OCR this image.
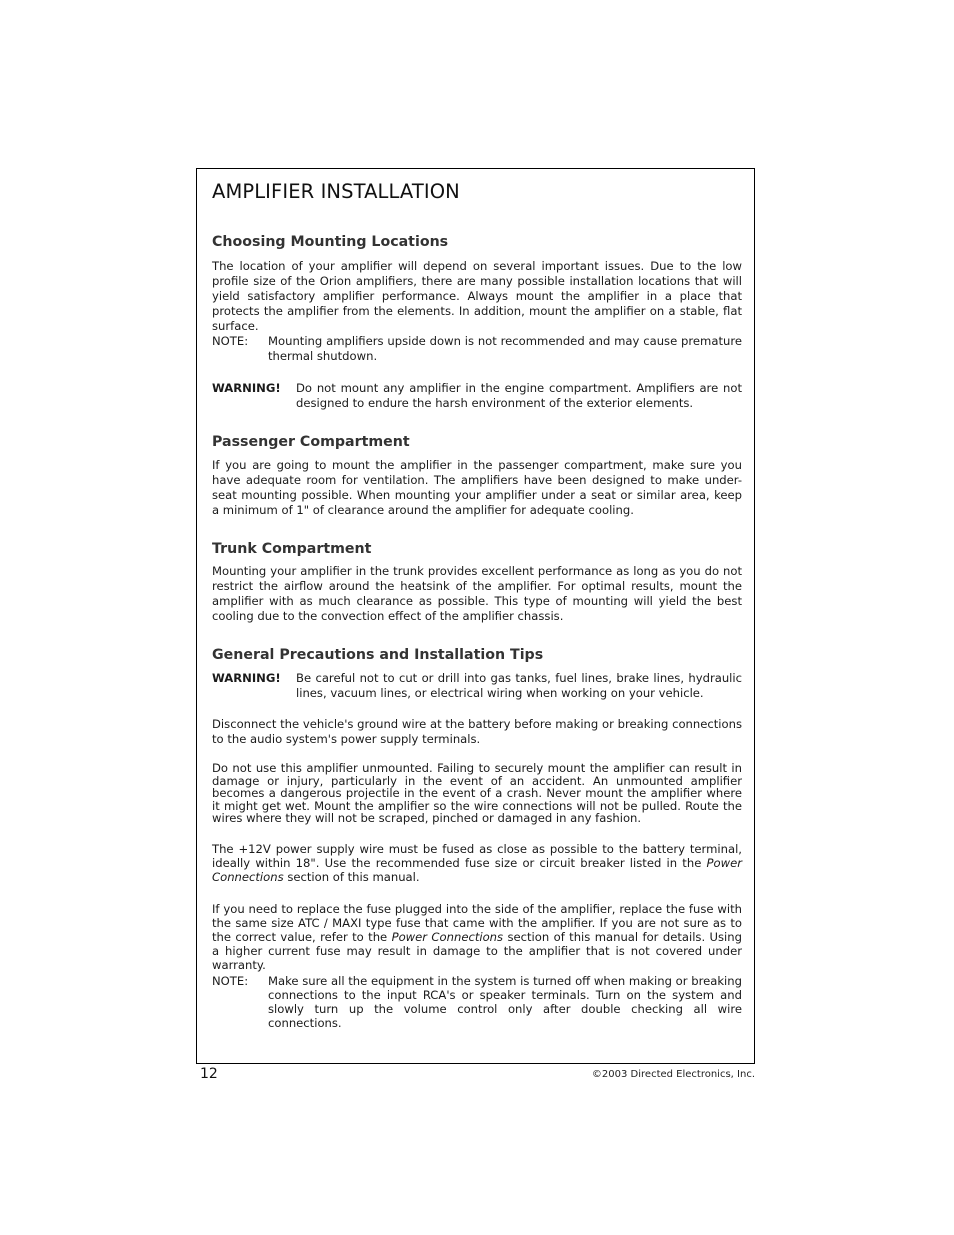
AMPLIFIER INSTALLATION
Choosing Mounting Locations
The location of your amplifier will depend on several important issues. Due to the low profile size of the Orion amplifiers, there are many possible installation locations that will yield satisfactory amplifier performance. Always mount the amplifier in a place that protects the amplifier from the elements. In addition, mount the amplifier on a stable, flat surface.
NOTE: Mounting amplifiers upside down is not recommended and may cause premature thermal shutdown.
WARNING! Do not mount any amplifier in the engine compartment. Amplifiers are not designed to endure the harsh environment of the exterior elements.
Passenger Compartment
If you are going to mount the amplifier in the passenger compartment, make sure you have adequate room for ventilation. The amplifiers have been designed to make under-seat mounting possible. When mounting your amplifier under a seat or similar area, keep a minimum of 1" of clearance around the amplifier for adequate cooling.
Trunk Compartment
Mounting your amplifier in the trunk provides excellent performance as long as you do not restrict the airflow around the heatsink of the amplifier. For optimal results, mount the amplifier with as much clearance as possible. This type of mounting will yield the best cooling due to the convection effect of the amplifier chassis.
General Precautions and Installation Tips
WARNING! Be careful not to cut or drill into gas tanks, fuel lines, brake lines, hydraulic lines, vacuum lines, or electrical wiring when working on your vehicle.
Disconnect the vehicle's ground wire at the battery before making or breaking connections to the audio system's power supply terminals.
Do not use this amplifier unmounted. Failing to securely mount the amplifier can result in damage or injury, particularly in the event of an accident. An unmounted amplifier becomes a dangerous projectile in the event of a crash. Never mount the amplifier where it might get wet. Mount the amplifier so the wire connections will not be pulled. Route the wires where they will not be scraped, pinched or damaged in any fashion.
The +12V power supply wire must be fused as close as possible to the battery terminal, ideally within 18". Use the recommended fuse size or circuit breaker listed in the Power Connections section of this manual.
If you need to replace the fuse plugged into the side of the amplifier, replace the fuse with the same size ATC / MAXI type fuse that came with the amplifier. If you are not sure as to the correct value, refer to the Power Connections section of this manual for details. Using a higher current fuse may result in damage to the amplifier that is not covered under warranty.
NOTE: Make sure all the equipment in the system is turned off when making or breaking connections to the input RCA's or speaker terminals. Turn on the system and slowly turn up the volume control only after double checking all wire connections.
12	©2003 Directed Electronics, Inc.
